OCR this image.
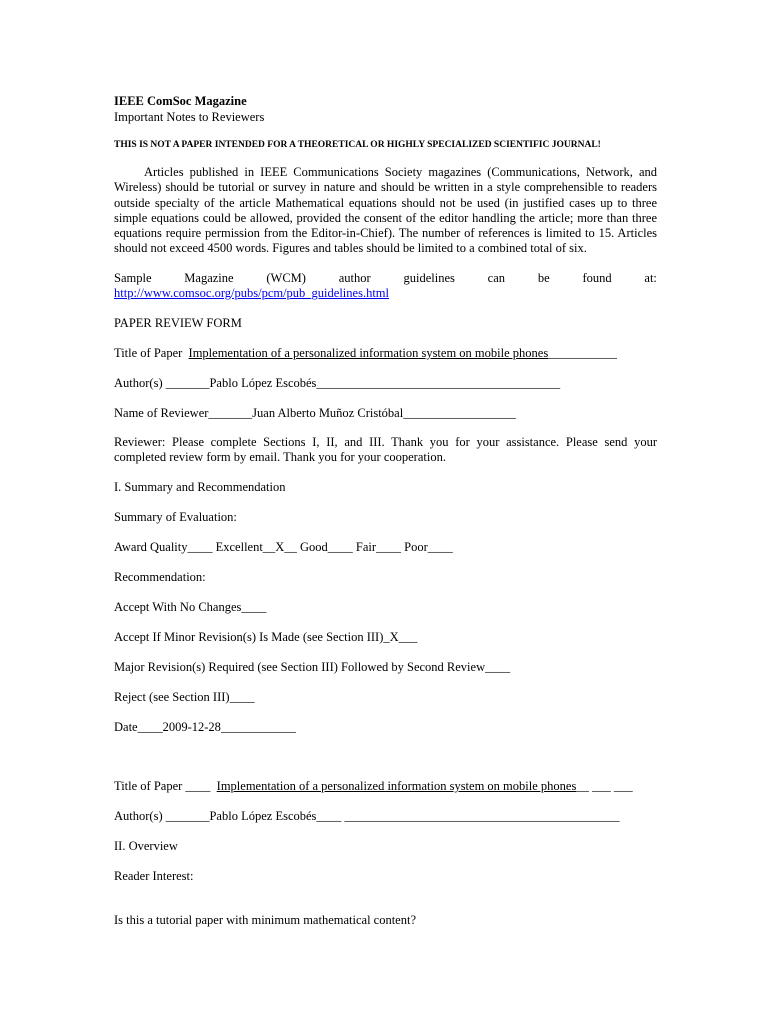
IEEE ComSoc Magazine
Important Notes to Reviewers
THIS IS NOT A PAPER INTENDED FOR A THEORETICAL OR HIGHLY SPECIALIZED SCIENTIFIC JOURNAL!
Articles published in IEEE Communications Society magazines (Communications, Network, and Wireless) should be tutorial or survey in nature and should be written in a style comprehensible to readers outside specialty of the article Mathematical equations should not be used (in justified cases up to three simple equations could be allowed, provided the consent of the editor handling the article; more than three equations require permission from the Editor-in-Chief). The number of references is limited to 15. Articles should not exceed 4500 words. Figures and tables should be limited to a combined total of six.
Sample	Magazine	(WCM)	author	guidelines	can	be	found	at:
http://www.comsoc.org/pubs/pcm/pub_guidelines.html
PAPER REVIEW FORM
Title of Paper Implementation of a personalized information system on mobile phones___________
Author(s) _______Pablo López Escobés_______________________________________
Name of Reviewer_______Juan Alberto Muñoz Cristóbal__________________
Reviewer: Please complete Sections I, II, and III. Thank you for your assistance. Please send your completed review form by email. Thank you for your cooperation.
I. Summary and Recommendation
Summary of Evaluation:
Award Quality____ Excellent__X__ Good____ Fair____ Poor____
Recommendation:
Accept With No Changes____
Accept If Minor Revision(s) Is Made (see Section III)_X___
Major Revision(s) Required (see Section III) Followed by Second Review____
Reject (see Section III)____
Date____2009-12-28____________
Title of Paper ____  Implementation of a personalized information system on mobile phones__ ___ ___
Author(s) _______Pablo López Escobés____ ____________________________________________
II. Overview
Reader Interest:
Is this a tutorial paper with minimum mathematical content?
